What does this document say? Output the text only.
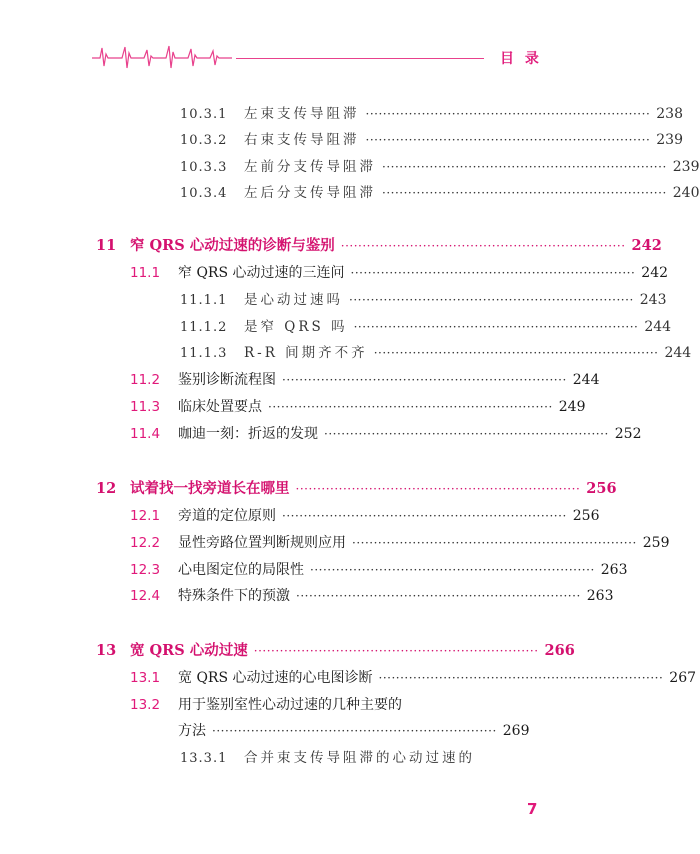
目 录
10.3.1	左束支传导阻滞 ·································································· 238
10.3.2	右束支传导阻滞 ·································································· 239
10.3.3	左前分支传导阻滞 ·································································· 239
10.3.4	左后分支传导阻滞 ·································································· 240
11 窄 QRS 心动过速的诊断与鉴别 ·································································· 242
11.1	窄 QRS 心动过速的三连问 ·································································· 242
11.1.1	是心动过速吗 ·································································· 243
11.1.2	是窄 QRS 吗 ·································································· 244
11.1.3	R-R 间期齐不齐 ·································································· 244
11.2	鉴别诊断流程图 ·································································· 244
11.3	临床处置要点 ·································································· 249
11.4	咖迪一刻：折返的发现 ·································································· 252
12 试着找一找旁道长在哪里 ·································································· 256
12.1	旁道的定位原则 ·································································· 256
12.2	显性旁路位置判断规则应用 ·································································· 259
12.3	心电图定位的局限性 ·································································· 263
12.4	特殊条件下的预激 ·································································· 263
13 宽 QRS 心动过速 ·································································· 266
13.1	宽 QRS 心动过速的心电图诊断 ·································································· 267
13.2	用于鉴别室性心动过速的几种主要的
方法 ·································································· 269
13.3.1	合并束支传导阻滞的心动过速的
7
